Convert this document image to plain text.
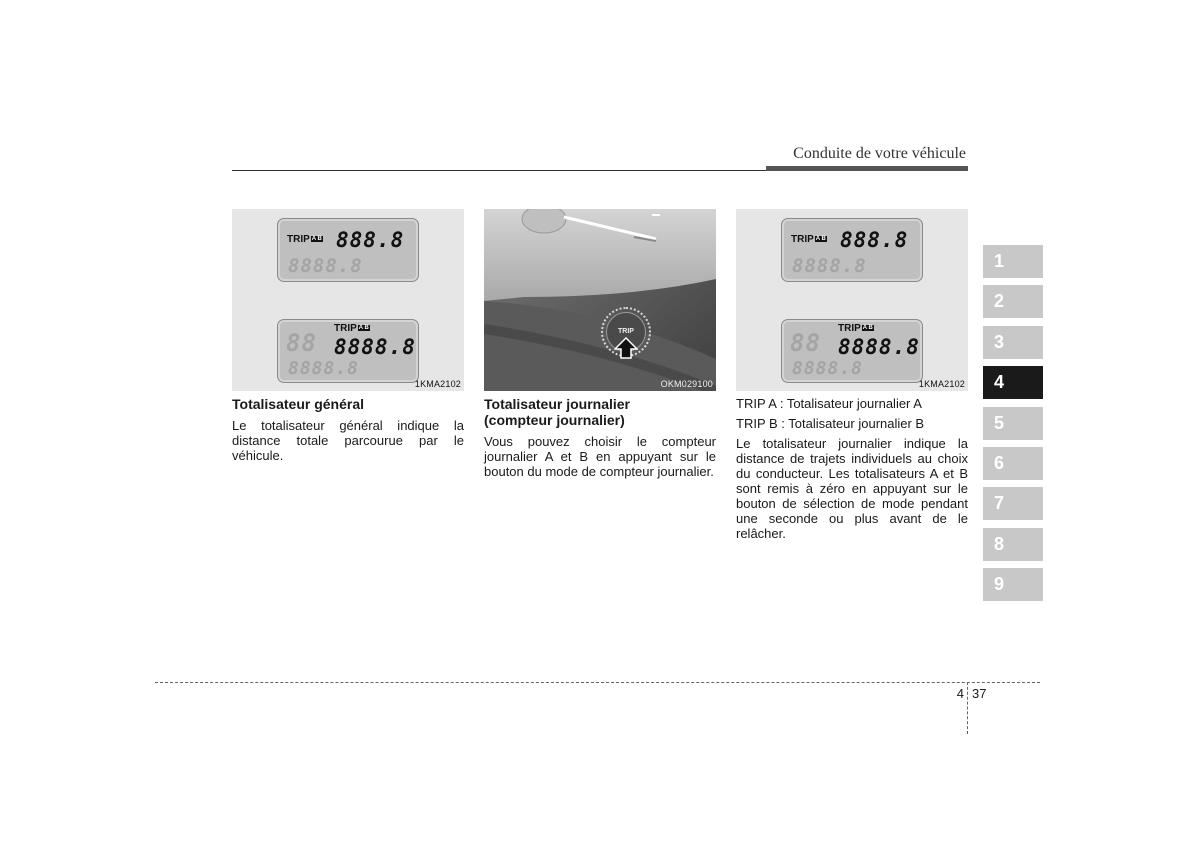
Conduite de votre véhicule
TRIP A B 888.8
8888.8
TRIP A B
88 8888.8
8888.8
1KMA2102
TRIP
OKM029100
TRIP A B 888.8
8888.8
TRIP A B
88 8888.8
8888.8
1KMA2102

Totalisateur général

Le totalisateur général indique la distance totale parcourue par le véhicule.

Totalisateur journalier
(compteur journalier)

Vous pouvez choisir le compteur journalier A et B en appuyant sur le bouton du mode de compteur journalier.

TRIP A : Totalisateur journalier A

TRIP B : Totalisateur journalier B

Le totalisateur journalier indique la distance de trajets individuels au choix du conducteur. Les totalisateurs A et B sont remis à zéro en appuyant sur le bouton de sélection de mode pendant une seconde ou plus avant de le relâcher.

1
2
3
4
5
6
7
8
9
4 37
